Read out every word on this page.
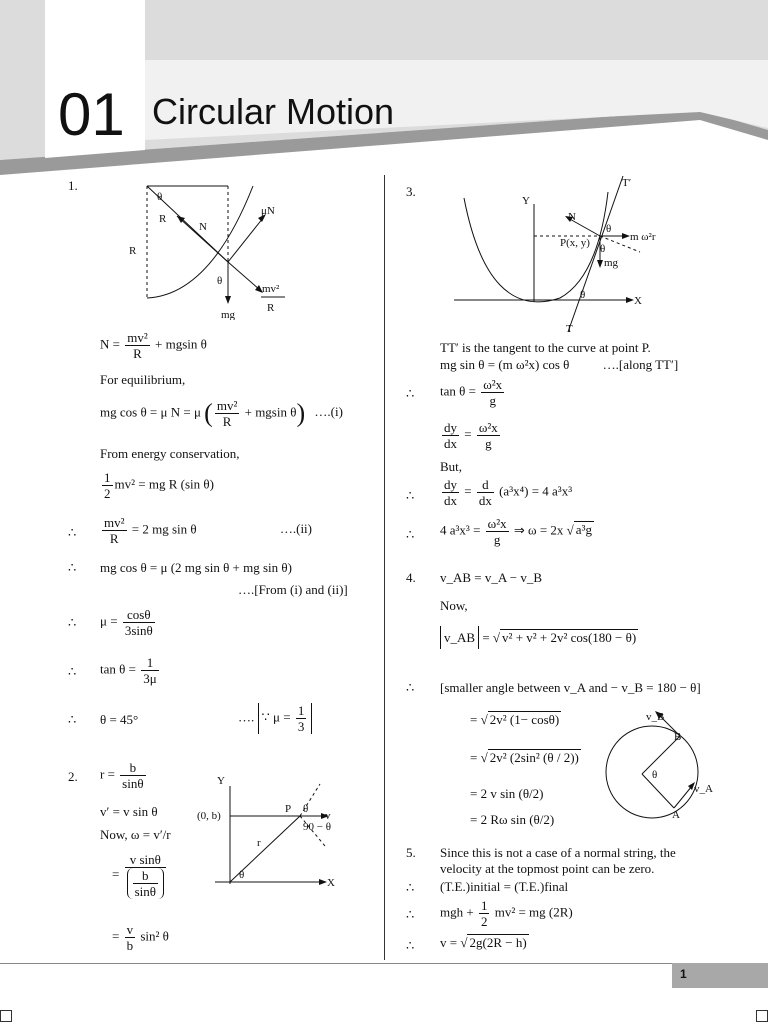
01 Circular Motion
1.
θ
R
R
N
μN
θ
mg
mv²
R
$N = \frac{\text{mv²}}{R} + mgsin$ θ
For equilibrium,
mg cos θ = μ N = μ ( $\frac{\text{mv²}}{R} + mgsin$ θ) ….(i)
From energy conservation,
$\frac{1}{2} mv^2$ = mg R (sin θ)
∴ $\frac{\text{mv²}}{R} = 2$ mg sin θ	….(ii)
∴ mg cos θ = μ (2 mg sin θ + mg sin θ)
….[From (i) and (ii)]
∴ $\mu = \frac{\cos\theta}{3\sin\theta}$
∴ $\tan \theta = \frac{1}{3\mu}$
∴ θ = 45°	…. ∵ $\mu = \frac{1}{3}$
2. $r = \frac{b}{\sin\theta}$
v′ = v sin θ
Now, ω = v′/r
= $\frac{\text{v sinθ}}{\frac{b}{\sin\theta}}$
= $\frac{v}{b} \sin^2$ θ
Y
X
(0, b)
P θ
v
90 − θ
r
θ
3.
Y
X
T
T′
N
P(x, y)
θ
m ω²r
θ
mg
θ
TT′ is the tangent to the curve at point P.
mg sin θ = (m ω²x) cos θ	….[along TT′]
∴ $\tan \theta = \frac{\text{ω²x}}{g}$
$\frac{dy}{dx} = \frac{\text{ω²x}}{g}$
But,
∴ $\frac{dy}{dx} = \frac{d}{dx} (a^3x^4) = 4$ a³x³
∴ 4 $a^3x^3 = \frac{\text{ω²x}}{g}$ ⇒ ω = 2x √ a³g
4. v_AB = v_A − v_B
Now,
v_AB = √ v² + v² + 2v² cos(180 − θ)
∴ [smaller angle between v_A and − v_B = 180 − θ]
= √ 2v² (1− cosθ)
= √ 2v² (2sin² (θ / 2))
= 2 v sin (θ/2)
= 2 Rω sin (θ/2)
v_B
B
θ
v_A
A
5. Since this is not a case of a normal string, the
velocity at the topmost point can be zero.
∴ (T.E.)initial = (T.E.)final
∴ mgh + $\frac{1}{2} mv^2$ = mg (2R)
∴ v = √ 2g(2R − h)
1
